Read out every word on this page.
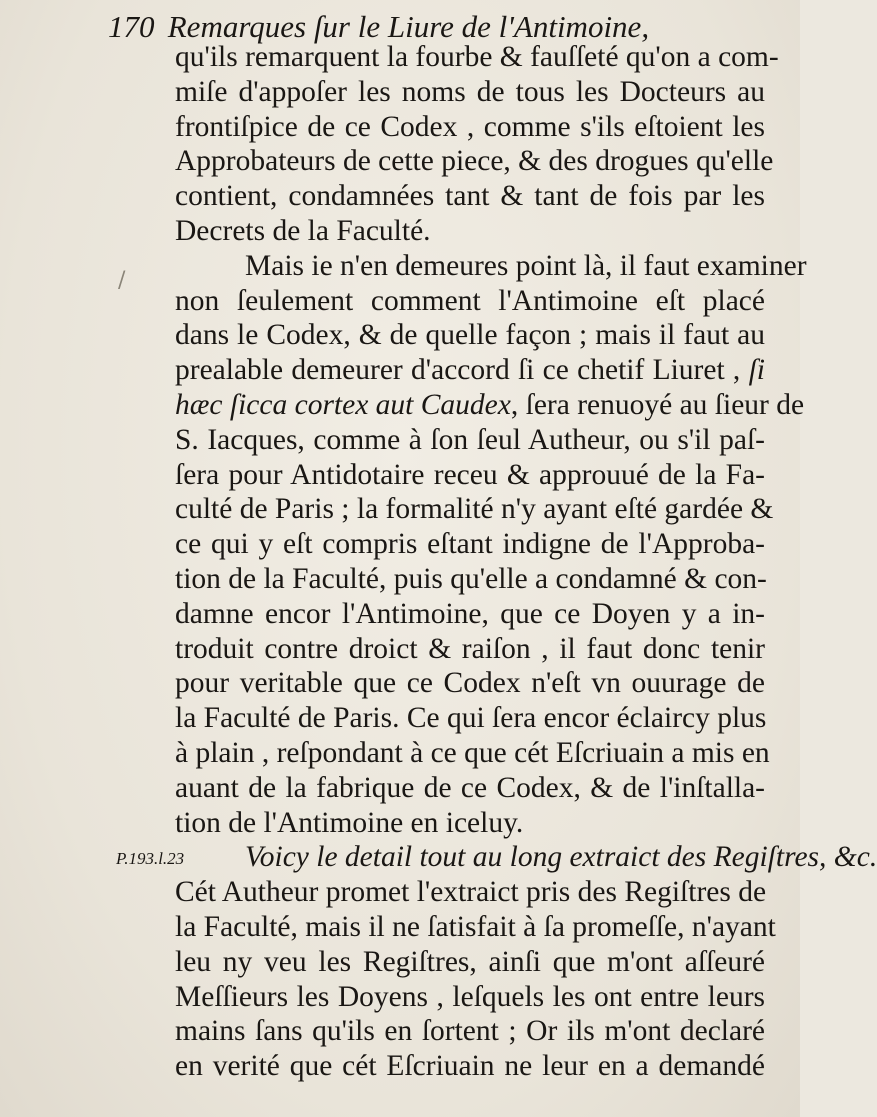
170 Remarques ſur le Liure de l'Antimoine,
/
P.193.l.23
qu'ils remarquent la fourbe & fauſſeté qu'on a com-
miſe d'appoſer les noms de tous les Docteurs au
frontiſpice de ce Codex , comme s'ils eſtoient les
Approbateurs de cette piece, & des drogues qu'elle
contient, condamnées tant & tant de fois par les
Decrets de la Faculté.
Mais ie n'en demeures point là, il faut examiner
non ſeulement comment l'Antimoine eſt placé
dans le Codex, & de quelle façon ; mais il faut au
prealable demeurer d'accord ſi ce chetif Liuret , ſi
hæc ſicca cortex aut Caudex, ſera renuoyé au ſieur de
S. Iacques, comme à ſon ſeul Autheur, ou s'il paſ-
ſera pour Antidotaire receu & approuué de la Fa-
culté de Paris ; la formalité n'y ayant eſté gardée &
ce qui y eſt compris eſtant indigne de l'Approba-
tion de la Faculté, puis qu'elle a condamné & con-
damne encor l'Antimoine, que ce Doyen y a in-
troduit contre droict & raiſon , il faut donc tenir
pour veritable que ce Codex n'eſt vn ouurage de
la Faculté de Paris. Ce qui ſera encor éclaircy plus
à plain , reſpondant à ce que cét Eſcriuain a mis en
auant de la fabrique de ce Codex, & de l'inſtalla-
tion de l'Antimoine en iceluy.
Voicy le detail tout au long extraict des Regiſtres, &c.
Cét Autheur promet l'extraict pris des Regiſtres de
la Faculté, mais il ne ſatisfait à ſa promeſſe, n'ayant
leu ny veu les Regiſtres, ainſi que m'ont aſſeuré
Meſſieurs les Doyens , leſquels les ont entre leurs
mains ſans qu'ils en ſortent ; Or ils m'ont declaré
en verité que cét Eſcriuain ne leur en a demandé
